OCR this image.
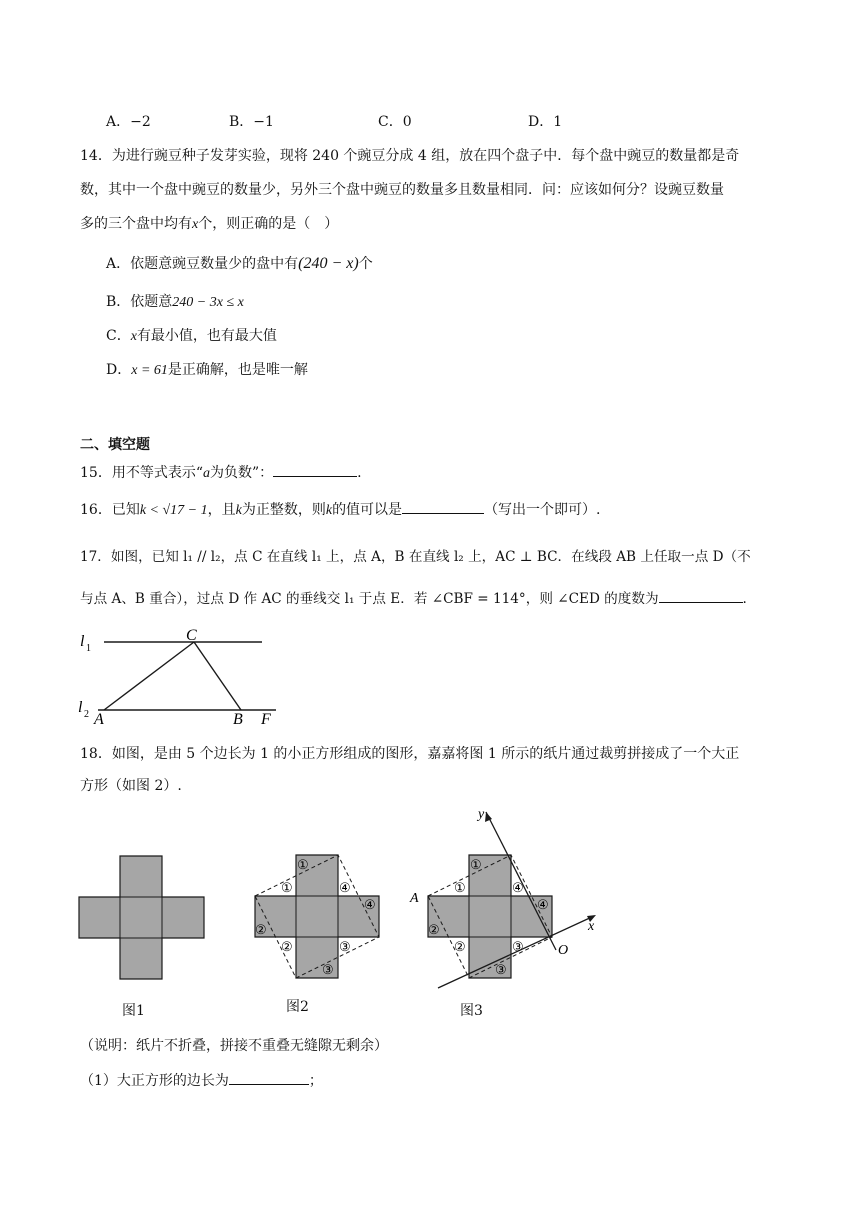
A．−2	B．−1	C．0	D．1
14．为进行豌豆种子发芽实验，现将 240 个豌豆分成 4 组，放在四个盘子中．每个盘中豌豆的数量都是奇
数，其中一个盘中豌豆的数量少，另外三个盘中豌豆的数量多且数量相同．问：应该如何分？设豌豆数量
多的三个盘中均有x个，则正确的是（　）
A．依题意豌豆数量少的盘中有(240 − x)个
B．依题意240 − 3x ≤ x
C．x有最小值，也有最大值
D．x = 61是正确解，也是唯一解
二、填空题
15．用不等式表示“a为负数”：	.
16．已知k < √17 − 1，且k为正整数，则k的值可以是	（写出一个即可）.
17．如图，已知 l₁ // l₂，点 C 在直线 l₁ 上，点 A，B 在直线 l₂ 上，AC ⊥ BC．在线段 AB 上任取一点 D（不
与点 A、B 重合），过点 D 作 AC 的垂线交 l₁ 于点 E．若 ∠CBF = 114°，则 ∠CED 的度数为	.
l 1
l 2
C
A	B F
18．如图，是由 5 个边长为 1 的小正方形组成的图形，嘉嘉将图 1 所示的纸片通过裁剪拼接成了一个大正
方形（如图 2）.
图1
①
①	④
④
②
②	③
③
图2
y
x
O
A
①
①	④
④
②
②	③
③
图3
（说明：纸片不折叠，拼接不重叠无缝隙无剩余）
（1）大正方形的边长为	；
